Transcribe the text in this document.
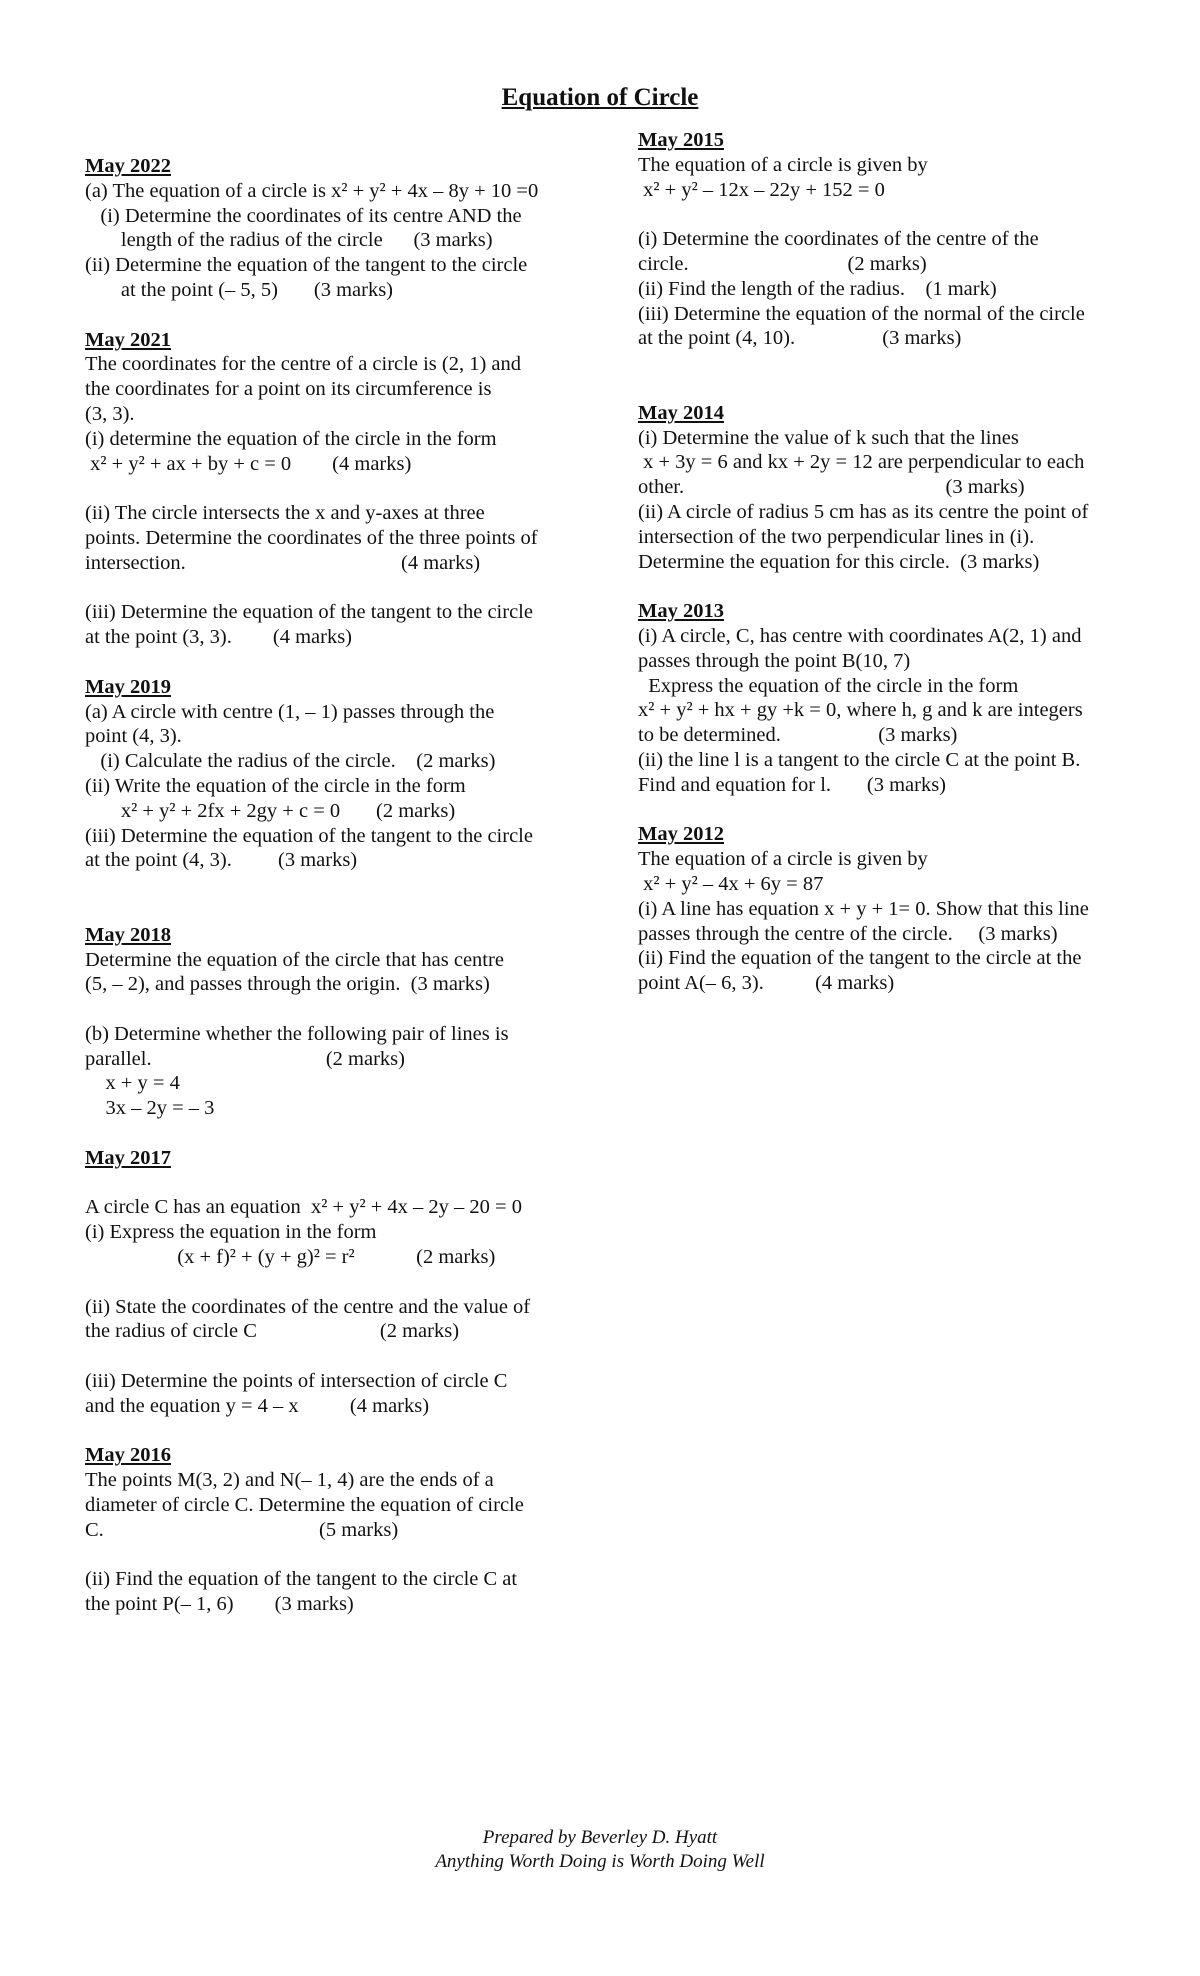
Equation of Circle
May 2022
(a) The equation of a circle is x² + y² + 4x – 8y + 10 =0
(i) Determine the coordinates of its centre AND the
length of the radius of the circle      (3 marks)
(ii) Determine the equation of the tangent to the circle
at the point (– 5, 5)       (3 marks)
May 2021
The coordinates for the centre of a circle is (2, 1) and
the coordinates for a point on its circumference is
(3, 3).
(i) determine the equation of the circle in the form
x² + y² + ax + by + c = 0        (4 marks)
(ii) The circle intersects the x and y-axes at three
points. Determine the coordinates of the three points of
intersection.                                          (4 marks)
(iii) Determine the equation of the tangent to the circle
at the point (3, 3).        (4 marks)
May 2019
(a) A circle with centre (1, – 1) passes through the
point (4, 3).
(i) Calculate the radius of the circle.    (2 marks)
(ii) Write the equation of the circle in the form
x² + y² + 2fx + 2gy + c = 0       (2 marks)
(iii) Determine the equation of the tangent to the circle
at the point (4, 3).         (3 marks)
May 2018
Determine the equation of the circle that has centre
(5, – 2), and passes through the origin.  (3 marks)
(b) Determine whether the following pair of lines is
parallel.                                  (2 marks)
x + y = 4
3x – 2y = – 3
May 2017
A circle C has an equation  x² + y² + 4x – 2y – 20 = 0
(i) Express the equation in the form
(x + f)² + (y + g)² = r²            (2 marks)
(ii) State the coordinates of the centre and the value of
the radius of circle C                        (2 marks)
(iii) Determine the points of intersection of circle C
and the equation y = 4 – x          (4 marks)
May 2016
The points M(3, 2) and N(– 1, 4) are the ends of a
diameter of circle C. Determine the equation of circle
C.                                          (5 marks)
(ii) Find the equation of the tangent to the circle C at
the point P(– 1, 6)        (3 marks)
May 2015
The equation of a circle is given by
x² + y² – 12x – 22y + 152 = 0
(i) Determine the coordinates of the centre of the
circle.                               (2 marks)
(ii) Find the length of the radius.    (1 mark)
(iii) Determine the equation of the normal of the circle
at the point (4, 10).                 (3 marks)
May 2014
(i) Determine the value of k such that the lines
x + 3y = 6 and kx + 2y = 12 are perpendicular to each
other.                                                   (3 marks)
(ii) A circle of radius 5 cm has as its centre the point of
intersection of the two perpendicular lines in (i).
Determine the equation for this circle.  (3 marks)
May 2013
(i) A circle, C, has centre with coordinates A(2, 1) and
passes through the point B(10, 7)
Express the equation of the circle in the form
x² + y² + hx + gy +k = 0, where h, g and k are integers
to be determined.                   (3 marks)
(ii) the line l is a tangent to the circle C at the point B.
Find and equation for l.       (3 marks)
May 2012
The equation of a circle is given by
x² + y² – 4x + 6y = 87
(i) A line has equation x + y + 1= 0. Show that this line
passes through the centre of the circle.     (3 marks)
(ii) Find the equation of the tangent to the circle at the
point A(– 6, 3).          (4 marks)
Prepared by Beverley D. Hyatt
Anything Worth Doing is Worth Doing Well
